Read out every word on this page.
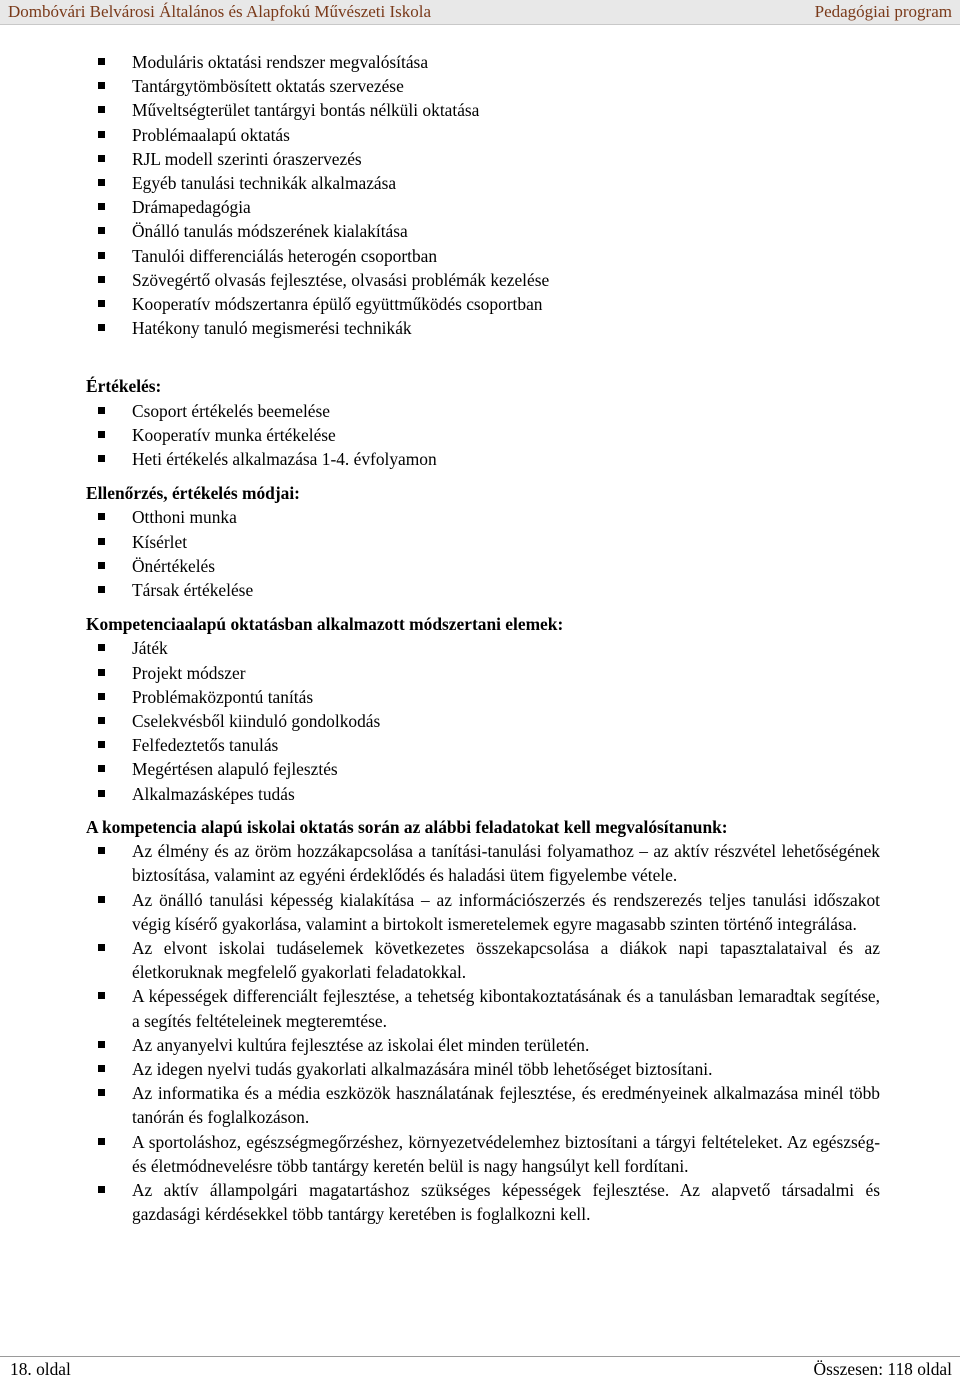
Dombóvári Belvárosi Általános és Alapfokú Művészeti Iskola	Pedagógiai program
Moduláris oktatási rendszer megvalósítása
Tantárgytömbösített oktatás szervezése
Műveltségterület tantárgyi bontás nélküli oktatása
Problémaalapú oktatás
RJL modell szerinti óraszervezés
Egyéb tanulási technikák alkalmazása
Drámapedagógia
Önálló tanulás módszerének kialakítása
Tanulói differenciálás heterogén csoportban
Szövegértő olvasás fejlesztése, olvasási problémák kezelése
Kooperatív módszertanra épülő együttműködés csoportban
Hatékony tanuló megismerési technikák
Értékelés:
Csoport értékelés beemelése
Kooperatív munka értékelése
Heti értékelés alkalmazása 1-4. évfolyamon
Ellenőrzés, értékelés módjai:
Otthoni munka
Kísérlet
Önértékelés
Társak értékelése
Kompetenciaalapú oktatásban alkalmazott módszertani elemek:
Játék
Projekt módszer
Problémaközpontú tanítás
Cselekvésből kiinduló gondolkodás
Felfedeztetős tanulás
Megértésen alapuló fejlesztés
Alkalmazásképes tudás
A kompetencia alapú iskolai oktatás során az alábbi feladatokat kell megvalósítanunk:
Az élmény és az öröm hozzákapcsolása a tanítási-tanulási folyamathoz – az aktív részvétel lehetőségének biztosítása, valamint az egyéni érdeklődés és haladási ütem figyelembe vétele.
Az önálló tanulási képesség kialakítása – az információszerzés és rendszerezés teljes tanulási időszakot végig kísérő gyakorlása, valamint a birtokolt ismeretelemek egyre magasabb szinten történő integrálása.
Az elvont iskolai tudáselemek következetes összekapcsolása a diákok napi tapasztalataival és az életkoruknak megfelelő gyakorlati feladatokkal.
A képességek differenciált fejlesztése, a tehetség kibontakoztatásának és a tanulásban lemaradtak segítése, a segítés feltételeinek megteremtése.
Az anyanyelvi kultúra fejlesztése az iskolai élet minden területén.
Az idegen nyelvi tudás gyakorlati alkalmazására minél több lehetőséget biztosítani.
Az informatika és a média eszközök használatának fejlesztése, és eredményeinek alkalmazása minél több tanórán és foglalkozáson.
A sportoláshoz, egészségmegőrzéshez, környezetvédelemhez biztosítani a tárgyi feltételeket. Az egészség- és életmódnevelésre több tantárgy keretén belül is nagy hangsúlyt kell fordítani.
Az aktív állampolgári magatartáshoz szükséges képességek fejlesztése. Az alapvető társadalmi és gazdasági kérdésekkel több tantárgy keretében is foglalkozni kell.
18. oldal	Összesen: 118 oldal
